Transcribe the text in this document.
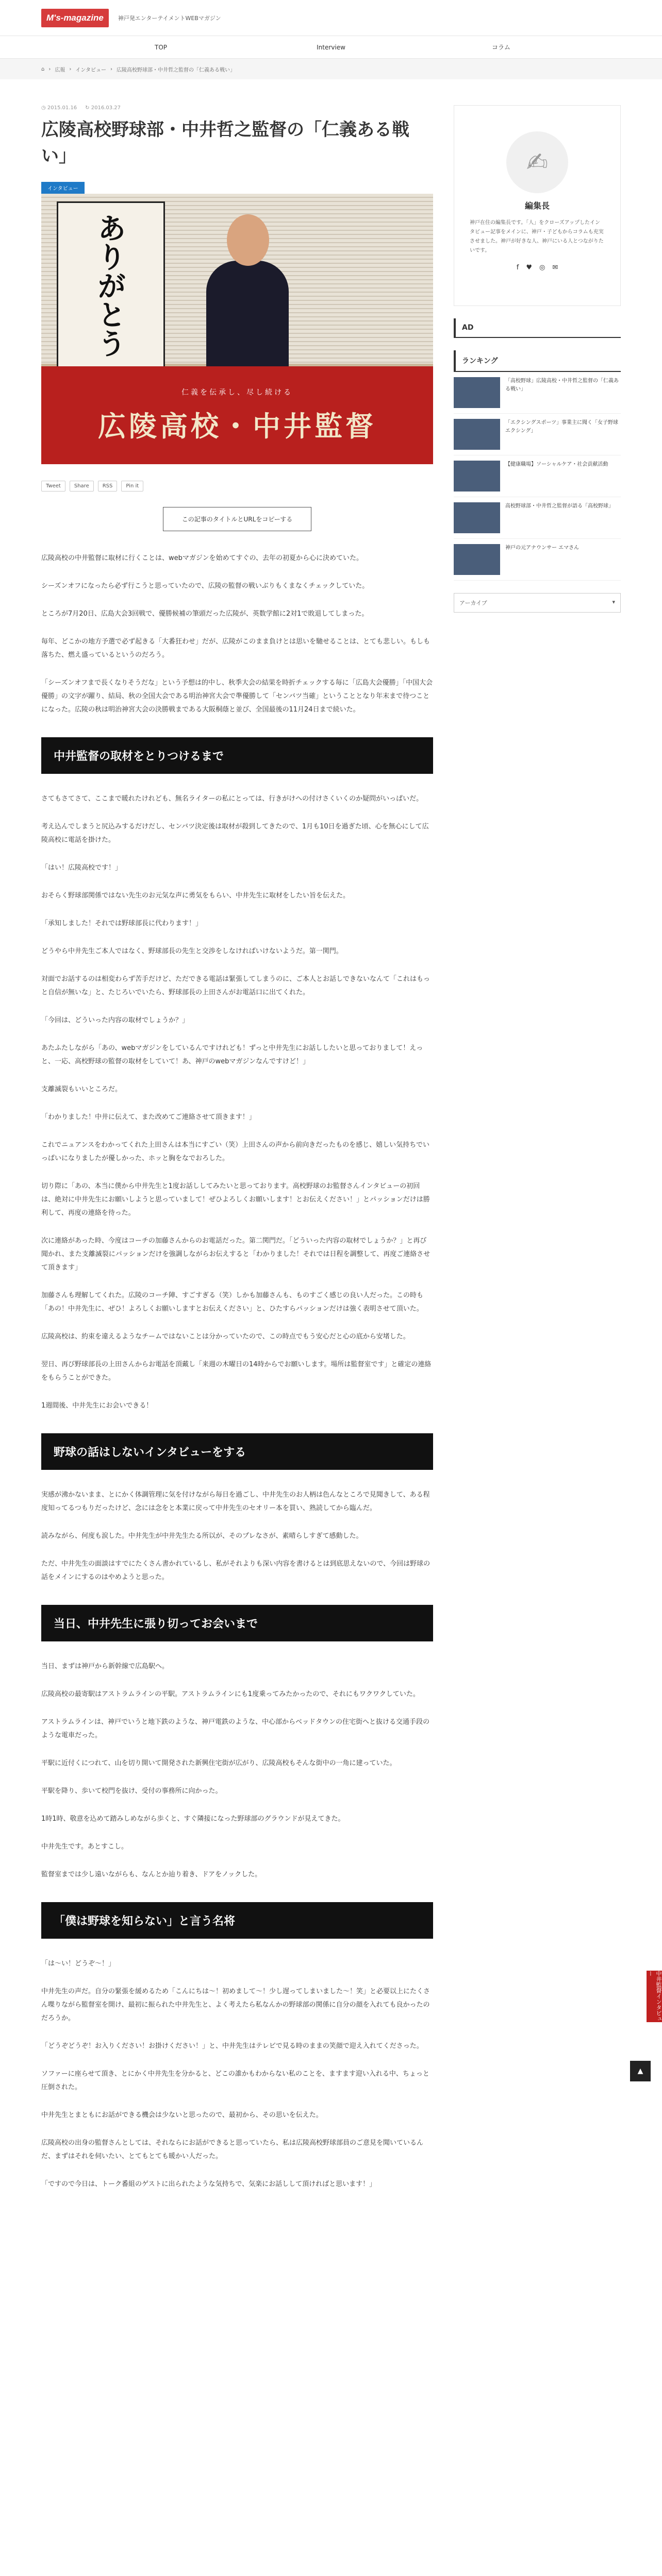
M's-magazine	神戸発エンターテイメントWEBマガジン
TOP	Interview	コラム
⌂ › 広報 › インタビュー › 広陵高校野球部・中井哲之監督の「仁義ある戦い」
◷ 2015.01.16 ↻ 2016.03.27
広陵高校野球部・中井哲之監督の「仁義ある戦い」
インタビュー
ありがとう
仁義を伝承し、尽し続ける
広陵高校・中井監督
Tweet	Share	RSS	Pin it
この記事のタイトルとURLをコピーする

広陵高校の中井監督に取材に行くことは、webマガジンを始めてすぐの、去年の初夏から心に決めていた。

シーズンオフになったら必ず行こうと思っていたので、広陵の監督の戦いぶりもくまなくチェックしていた。

ところが7月20日、広島大会3回戦で、優勝候補の筆頭だった広陵が、英数学館に2対1で敗退してしまった。

毎年、どこかの地方予選で必ず起きる「大番狂わせ」だが、広陵がこのまま負けとは思いを馳せることは、とても悲しい。もしも落ちた、燃え盛っているというのだろう。

「シーズンオフまで長くなりそうだな」という予想は的中し、秋季大会の結果を時折チェックする毎に「広島大会優勝」「中国大会優勝」の文字が躍り、結局、秋の全国大会である明治神宮大会で準優勝して「センバツ当確」ということとなり年末まで待つことになった。広陵の秋は明治神宮大会の決勝戦まである大阪桐蔭と並び、全国最後の11月24日まで続いた。

中井監督の取材をとりつけるまで

さてもさてさて、ここまで暖れたけれども、無名ライターの私にとっては、行きがけへの付けさくいくのか疑問がいっぱいだ。

考え込んでしまうと尻込みするだけだし、センバツ決定後は取材が殺到してきたので、1月も10日を過ぎた頃、心を無心にして広陵高校に電話を掛けた。

「はい！広陵高校です！」

おそらく野球部関係ではない先生のお元気な声に勇気をもらい、中井先生に取材をしたい旨を伝えた。

「承知しました！それでは野球部長に代わります！」

どうやら中井先生ご本人ではなく、野球部長の先生と交渉をしなければいけないようだ。第一関門。

対面でお話するのは相変わらず苦手だけど、ただできる電話は緊張してしまうのに、ご本人とお話しできないなんて「これはもっと自信が無いな」と、たじろいでいたら、野球部長の上田さんがお電話口に出てくれた。

「今回は、どういった内容の取材でしょうか？」

あたふたしながら「あの、webマガジンをしているんですけれども！ずっと中井先生にお話ししたいと思っておりまして！えっと、一応、高校野球の監督の取材をしていて！あ、神戸のwebマガジンなんですけど！」

支離滅裂もいいところだ。

「わかりました！中井に伝えて、また改めてご連絡させて頂きます！」

これでニュアンスをわかってくれた上田さんは本当にすごい（笑）上田さんの声から前向きだったものを感じ、嬉しい気持ちでいっぱいになりましたが優しかった、ホッと胸をなでおろした。

切り際に「あの、本当に僕から中井先生と1度お話ししてみたいと思っております。高校野球のお監督さんインタビューの初回は、絶対に中井先生にお願いしようと思っていまして！ぜひよろしくお願いします！とお伝えください！」とパッションだけは勝利して、再度の連絡を待った。

次に連絡があった時、今度はコーチの加藤さんからのお電話だった。第二関門だ。「どういった内容の取材でしょうか？」と再び聞かれ、また支離滅裂にパッションだけを強調しながらお伝えすると「わかりました！それでは日程を調整して、再度ご連絡させて頂きます」

加藤さんも理解してくれた。広陵のコーチ陣、すごすぎる（笑）しかも加藤さんも、ものすごく感じの良い人だった。この時も「あの！中井先生に、ぜひ！よろしくお願いしますとお伝えください」と、ひたすらパッションだけは強く表明させて頂いた。

広陵高校は、約束を違えるようなチームではないことは分かっていたので、この時点でもう安心だと心の底から安堵した。

翌日、再び野球部長の上田さんからお電話を頂戴し「来週の木曜日の14時からでお願いします。場所は監督室です」と確定の連絡をもらうことができた。

1週間後、中井先生にお会いできる！

野球の話はしないインタビューをする

実感が沸かないまま、とにかく体調管理に気を付けながら毎日を過ごし、中井先生のお人柄は色んなところで見聞きして、ある程度知ってるつもりだったけど、念には念をと本業に戻って中井先生のセオリー本を買い、熟読してから臨んだ。

読みながら、何度も涙した。中井先生が中井先生たる所以が、そのプレなさが、素晴らしすぎて感動した。

ただ、中井先生の面談はすでにたくさん書かれているし、私がそれよりも深い内容を書けるとは到底思えないので、今回は野球の話をメインにするのはやめようと思った。

当日、中井先生に張り切ってお会いまで

当日、まずは神戸から新幹線で広島駅へ。

広陵高校の最寄駅はアストラムラインの平駅。アストラムラインにも1度乗ってみたかったので、それにもワクワクしていた。

アストラムラインは、神戸でいうと地下鉄のような、神戸電鉄のような、中心部からベッドタウンの住宅街へと抜ける交通手段のような電車だった。

平駅に近付くにつれて、山を切り開いて開発された新興住宅街が広がり、広陵高校もそんな街中の一角に建っていた。

平駅を降り、歩いて校門を抜け、受付の事務所に向かった。

1時1時、敬意を込めて踏みしめながら歩くと、すぐ隣接になった野球部のグラウンドが見えてきた。

中井先生です。あとすこし。

監督室までは少し遠いながらも、なんとか辿り着き、ドアをノックした。

「僕は野球を知らない」と言う名将

「は～い！どうぞ～！」

中井先生の声だ。自分の緊張を緩めるため「こんにちは～！初めまして～！少し遅ってしまいました～！笑」と必要以上にたくさん喋りながら監督室を開け、最初に振られた中井先生と、よく考えたら私なんかの野球部の関係に自分の顔を入れても良かったのだろうか。

「どうぞどうぞ！お入りください！お掛けください！」と、中井先生はテレビで見る時のままの笑顔で迎え入れてくださった。

ソファーに座らせて頂き、とにかく中井先生を分かると、どこの誰かもわからない私のことを、ますます迎い入れる中、ちょっと圧倒された。

中井先生とまともにお話ができる機会は少ないと思ったので、最初から、その思いを伝えた。

広陵高校の出身の監督さんとしては、それならにお話ができると思っていたら、私は広陵高校野球部員のご意見を聞いているんだ、まずはそれを伺いたい、とてもとても暖かい人だった。

「ですので今日は、トーク番組のゲストに出られたような気持ちで、気楽にお話しして頂ければと思います！」

✍
編集長
神戸在住の編集長です。「人」をクローズアップしたインタビュー記事をメインに、神戸・子どもからコラムも充実させました。神戸が好きな人、神戸にいる人とつながりたいです。
f ♥ ◎ ✉
AD
ランキング
「高校野球」広陵高校・中井哲之監督の「仁義ある戦い」
「エクシングスポーツ」事業主に聞く「女子野球エクシング」
【健康職場】ソーシャルケア・社会貢献活動
高校野球部・中井哲之監督が語る「高校野球」
神戸の元アナウンサー エマさん
アーカイブ	▾
中井監督インタビュー
▲
